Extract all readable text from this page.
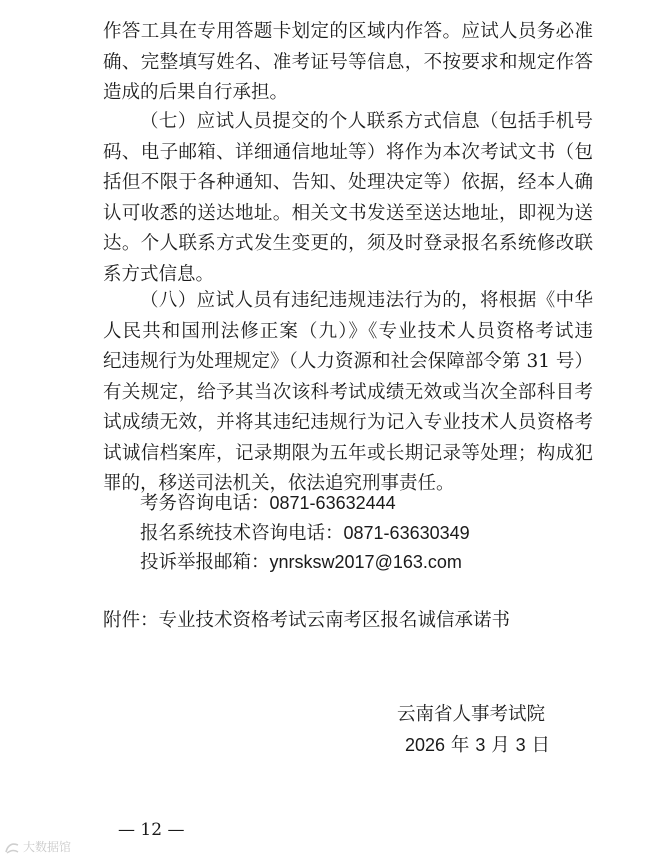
作答工具在专用答题卡划定的区域内作答。应试人员务必准
确、完整填写姓名、准考证号等信息，不按要求和规定作答
造成的后果自行承担。
（七）应试人员提交的个人联系方式信息（包括手机号
码、电子邮箱、详细通信地址等）将作为本次考试文书（包
括但不限于各种通知、告知、处理决定等）依据，经本人确
认可收悉的送达地址。相关文书发送至送达地址，即视为送
达。个人联系方式发生变更的，须及时登录报名系统修改联
系方式信息。
（八）应试人员有违纪违规违法行为的，将根据《中华
人民共和国刑法修正案（九）》《专业技术人员资格考试违
纪违规行为处理规定》（人力资源和社会保障部令第 31 号）
有关规定，给予其当次该科考试成绩无效或当次全部科目考
试成绩无效，并将其违纪违规行为记入专业技术人员资格考
试诚信档案库，记录期限为五年或长期记录等处理；构成犯
罪的，移送司法机关，依法追究刑事责任。
考务咨询电话：0871-63632444
报名系统技术咨询电话：0871-63630349
投诉举报邮箱：ynrsksw2017@163.com
附件：专业技术资格考试云南考区报名诚信承诺书
云南省人事考试院
2026 年 3 月 3 日
— 12 —
大数据馆
